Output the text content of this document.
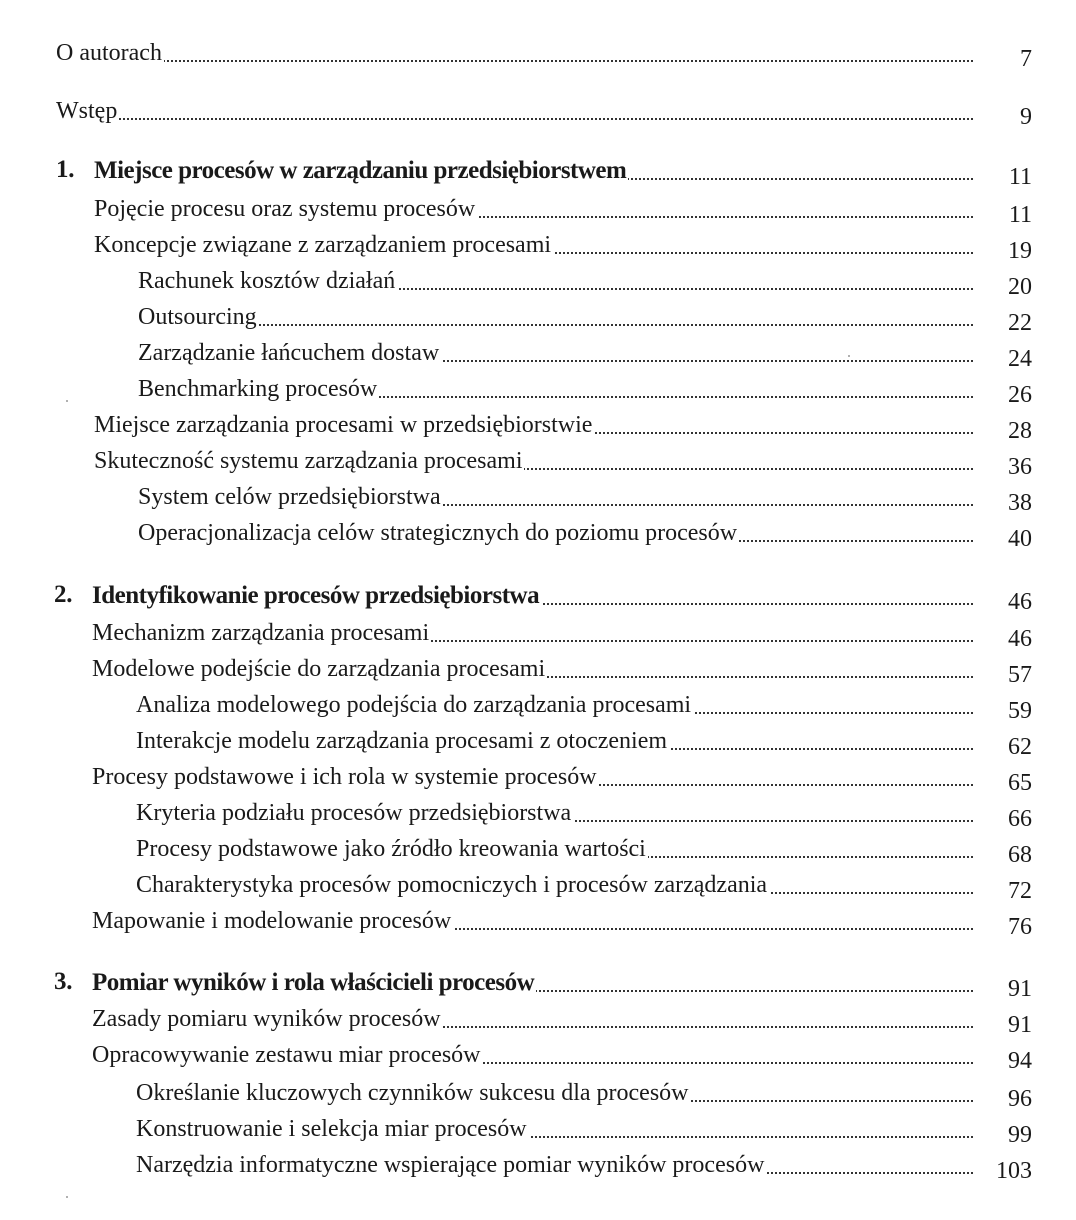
O autorach	7
Wstęp	9
1. Miejsce procesów w zarządzaniu przedsiębiorstwem	11
Pojęcie procesu oraz systemu procesów	11
Koncepcje związane z zarządzaniem procesami	19
Rachunek kosztów działań	20
Outsourcing	22
Zarządzanie łańcuchem dostaw	24
Benchmarking procesów	26
Miejsce zarządzania procesami w przedsiębiorstwie	28
Skuteczność systemu zarządzania procesami	36
System celów przedsiębiorstwa	38
Operacjonalizacja celów strategicznych do poziomu procesów	40
2. Identyfikowanie procesów przedsiębiorstwa	46
Mechanizm zarządzania procesami	46
Modelowe podejście do zarządzania procesami	57
Analiza modelowego podejścia do zarządzania procesami	59
Interakcje modelu zarządzania procesami z otoczeniem	62
Procesy podstawowe i ich rola w systemie procesów	65
Kryteria podziału procesów przedsiębiorstwa	66
Procesy podstawowe jako źródło kreowania wartości	68
Charakterystyka procesów pomocniczych i procesów zarządzania	72
Mapowanie i modelowanie procesów	76
3. Pomiar wyników i rola właścicieli procesów	91
Zasady pomiaru wyników procesów	91
Opracowywanie zestawu miar procesów	94
Określanie kluczowych czynników sukcesu dla procesów	96
Konstruowanie i selekcja miar procesów	99
Narzędzia informatyczne wspierające pomiar wyników procesów	103
